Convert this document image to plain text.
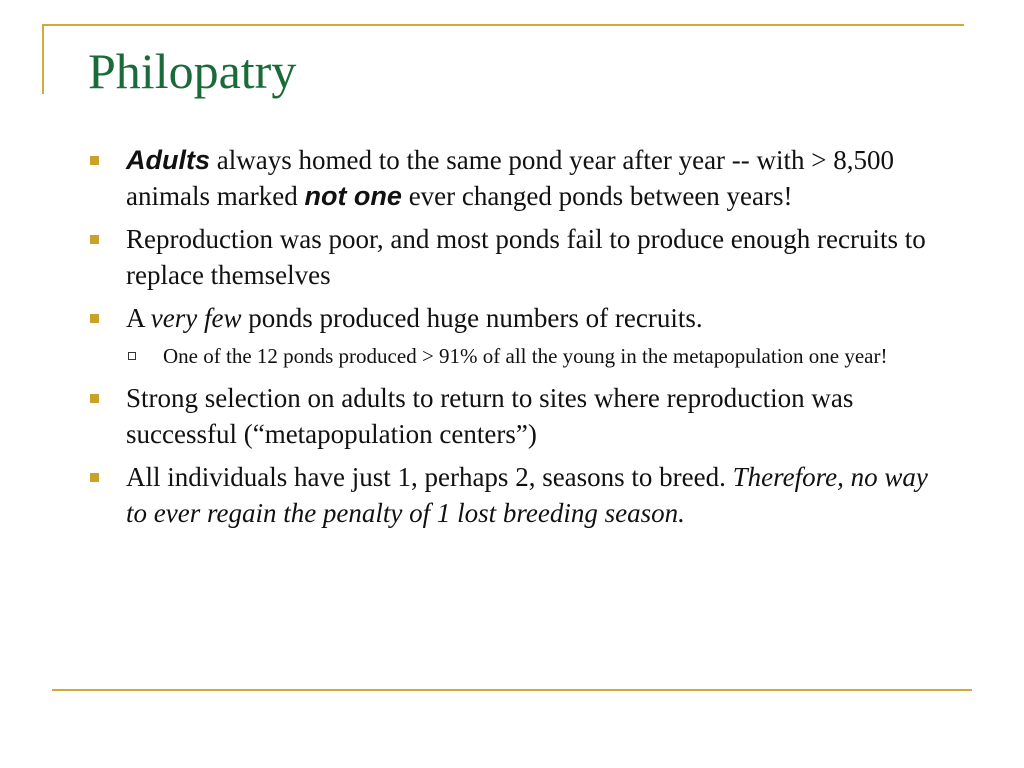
Philopatry
Adults always homed to the same pond year after year -- with > 8,500 animals marked not one ever changed ponds between years!
Reproduction was poor, and most ponds fail to produce enough recruits to replace themselves
A very few ponds produced huge numbers of recruits.
One of the 12 ponds produced > 91% of all the young in the metapopulation one year!
Strong selection on adults to return to sites where reproduction was successful (“metapopulation centers”)
All individuals have just 1, perhaps 2, seasons to breed. Therefore, no way to ever regain the penalty of 1 lost breeding season.
